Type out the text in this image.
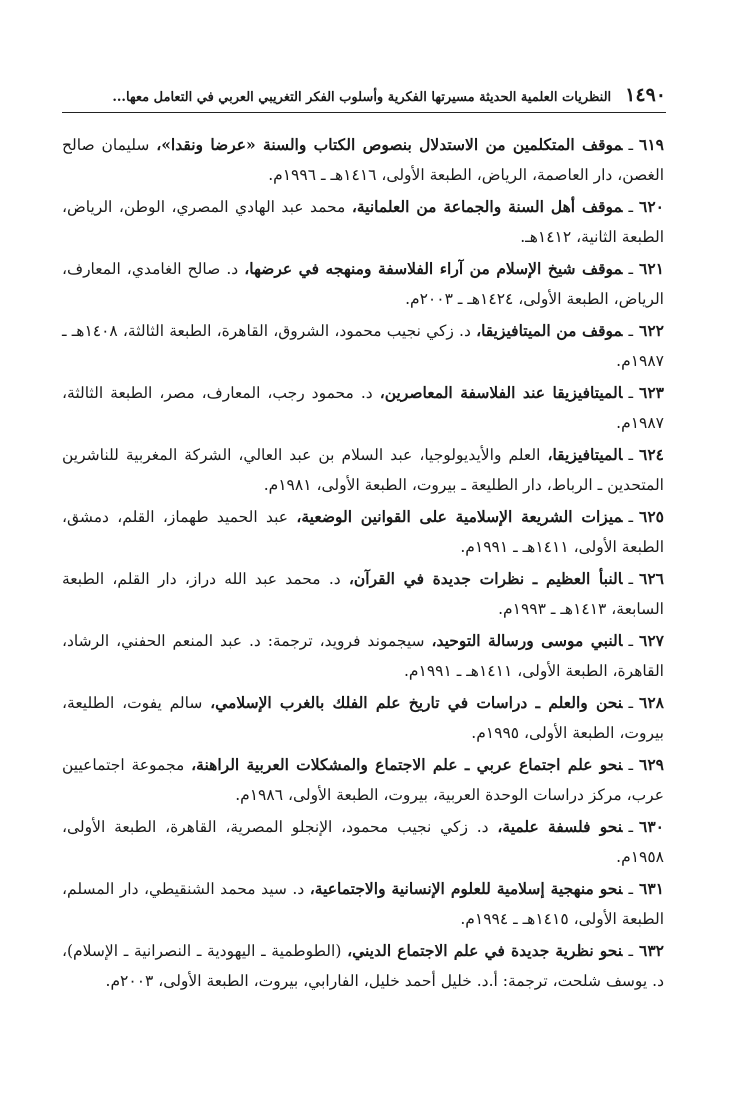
١٤٩٠
النظريات العلمية الحديثة مسيرتها الفكرية وأسلوب الفكر التغريبي العربي في التعامل معها...
٦١٩ـموقف المتكلمين من الاستدلال بنصوص الكتاب والسنة «عرضا ونقدا»، سليمان صالح الغصن، دار العاصمة، الرياض، الطبعة الأولى، ١٤١٦هـ ـ ١٩٩٦م.
٦٢٠ـموقف أهل السنة والجماعة من العلمانية، محمد عبد الهادي المصري، الوطن، الرياض، الطبعة الثانية، ١٤١٢هـ.
٦٢١ـموقف شيخ الإسلام من آراء الفلاسفة ومنهجه في عرضها، د. صالح الغامدي، المعارف، الرياض، الطبعة الأولى، ١٤٢٤هـ ـ ٢٠٠٣م.
٦٢٢ـموقف من الميتافيزيقا، د. زكي نجيب محمود، الشروق، القاهرة، الطبعة الثالثة، ١٤٠٨هـ ـ ١٩٨٧م.
٦٢٣ـالميتافيزيقا عند الفلاسفة المعاصرين، د. محمود رجب، المعارف، مصر، الطبعة الثالثة، ١٩٨٧م.
٦٢٤ـالميتافيزيقا، العلم والأيديولوجيا، عبد السلام بن عبد العالي، الشركة المغربية للناشرين المتحدين ـ الرباط، دار الطليعة ـ بيروت، الطبعة الأولى، ١٩٨١م.
٦٢٥ـميزات الشريعة الإسلامية على القوانين الوضعية، عبد الحميد طهماز، القلم، دمشق، الطبعة الأولى، ١٤١١هـ ـ ١٩٩١م.
٦٢٦ـالنبأ العظيم ـ نظرات جديدة في القرآن، د. محمد عبد الله دراز، دار القلم، الطبعة السابعة، ١٤١٣هـ ـ ١٩٩٣م.
٦٢٧ـالنبي موسى ورسالة التوحيد، سيجموند فرويد، ترجمة: د. عبد المنعم الحفني، الرشاد، القاهرة، الطبعة الأولى، ١٤١١هـ ـ ١٩٩١م.
٦٢٨ـنحن والعلم ـ دراسات في تاريخ علم الفلك بالغرب الإسلامي، سالم يفوت، الطليعة، بيروت، الطبعة الأولى، ١٩٩٥م.
٦٢٩ـنحو علم اجتماع عربي ـ علم الاجتماع والمشكلات العربية الراهنة، مجموعة اجتماعيين عرب، مركز دراسات الوحدة العربية، بيروت، الطبعة الأولى، ١٩٨٦م.
٦٣٠ـنحو فلسفة علمية، د. زكي نجيب محمود، الإنجلو المصرية، القاهرة، الطبعة الأولى، ١٩٥٨م.
٦٣١ـنحو منهجية إسلامية للعلوم الإنسانية والاجتماعية، د. سيد محمد الشنقيطي، دار المسلم، الطبعة الأولى، ١٤١٥هـ ـ ١٩٩٤م.
٦٣٢ـنحو نظرية جديدة في علم الاجتماع الديني، (الطوطمية ـ اليهودية ـ النصرانية ـ الإسلام)، د. يوسف شلحت، ترجمة: أ.د. خليل أحمد خليل، الفارابي، بيروت، الطبعة الأولى، ٢٠٠٣م.
